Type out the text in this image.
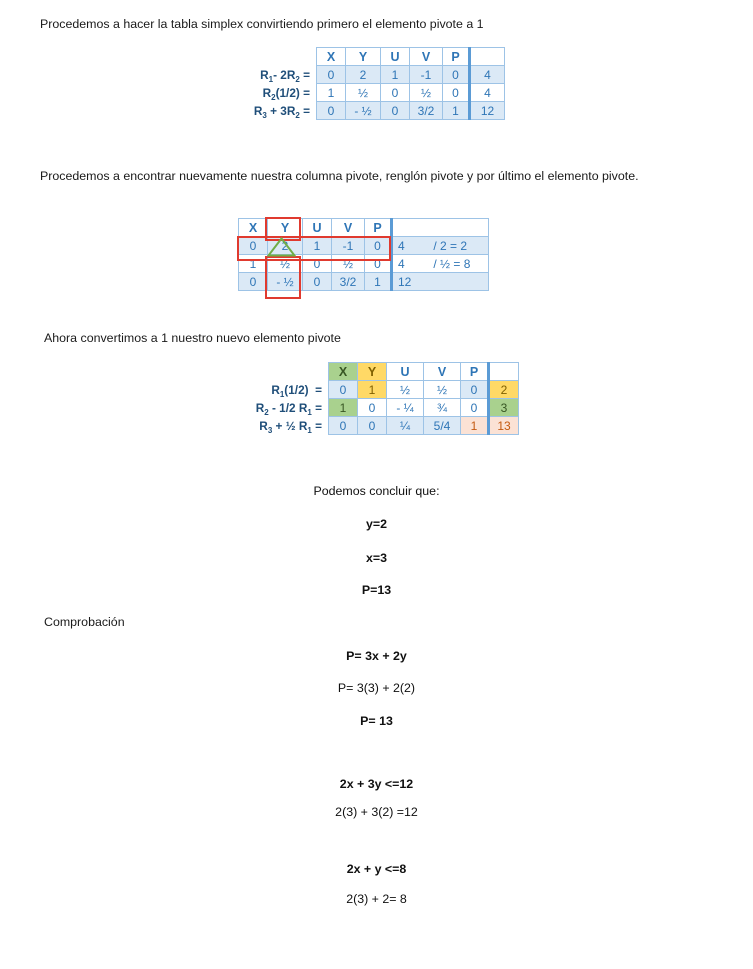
Procedemos a hacer la tabla simplex convirtiendo primero el elemento pivote a 1
	X	Y	U	V	P	
$R_1-$ $2R_2$ =	0	2	1	-1	0	4
$R_2(1/2)$ =	1	½	0	½	0	4
$R_3 + 3R_2$ =	0	- ½	0	3/2	1	12
Procedemos a encontrar nuevamente nuestra columna pivote, renglón pivote y por último el elemento pivote.
X	Y	U	V	P	
0	2	1	-1	0	4 / 2 = 2
1	½	0	½	0	4 / ½ = 8
0	- ½	0	3/2	1	12
Ahora convertimos a 1 nuestro nuevo elemento pivote
	X	Y	U	V	P	
$R_1(1/2)$  =	0	1	½	½	0	2
$R_2 - 1/2$ $R_1$ =	1	0	- ¼	¾	0	3
$R_3$ + ½ $R_1$ =	0	0	¼	5/4	1	13
Podemos concluir que:
y=2
x=3
P=13
Comprobación
P= 3x + 2y
P= 3(3) + 2(2)
P= 13
2x + 3y <=12
2(3) + 3(2) =12
2x + y <=8
2(3) + 2= 8
